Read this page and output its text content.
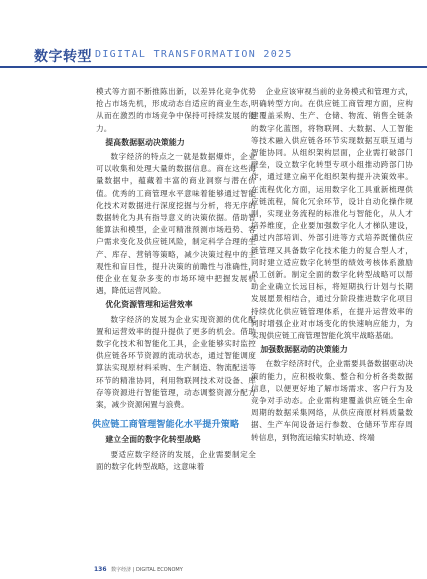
数字转型 DIGITAL TRANSFORMATION 2025

模式等方面不断推陈出新，以差异化竞争优势抢占市场先机，形成动态自适应的商业生态，从而在激烈的市场竞争中保持可持续发展的能力。

提高数据驱动决策能力

数字经济的特点之一就是数据爆炸，企业可以收集和处理大量的数据信息。商在这些海量数据中，蕴藏着丰富的商业洞察与潜在价值。优秀的工商管理水平意味着能够通过智能化技术对数据进行深度挖掘与分析，将无序的数据转化为具有指导意义的决策依据。借助智能算法和模型，企业可精准预测市场趋势、客户需求变化及供应链风险，制定科学合理的生产、库存、营销等策略，减少决策过程中的主观性和盲目性，提升决策的前瞻性与准确性，使企业在复杂多变的市场环境中把握发展机遇，降低运营风险。

优化资源管理和运营效率

数字经济的发展为企业实现资源的优化配置和运营效率的提升提供了更多的机会。借助数字化技术和智能化工具，企业能够实时监控供应链各环节资源的流动状态，通过智能调度算法实现原材料采购、生产制造、物流配送等环节的精准协同，利用物联网技术对设备、库存等资源进行智能管理，动态调整资源分配方案，减少资源闲置与浪费。

供应链工商管理智能化水平提升策略

建立全面的数字化转型战略

要适应数字经济的发展，企业需要制定全面的数字化转型战略，这意味着

企业应该审视当前的业务模式和管理方式，明确转型方向。在供应链工商管理方面，应构建覆盖采购、生产、仓储、物流、销售全链条的数字化蓝图，将物联网、大数据、人工智能等技术融入供应链各环节实现数据互联互通与智能协同。从组织架构层面，企业需打破部门壁垒，设立数字化转型专项小组推动跨部门协作，通过建立扁平化组织架构提升决策效率。在流程优化方面，运用数字化工具重新梳理供应链流程，简化冗余环节，设计自动化操作规则，实现业务流程的标准化与智能化，从人才培养维度，企业要加强数字化人才梯队建设，通过内部培训、外部引进等方式培养既懂供应链管理又具备数字化技术能力的复合型人才，同时建立适应数字化转型的绩效考核体系激励员工创新。制定全面的数字化转型战略可以帮助企业确立长远目标，将短期执行计划与长期发展愿景相结合，通过分阶段推进数字化项目持续优化供应链管理体系，在提升运营效率的同时增强企业对市场变化的快速响应能力，为实现供应链工商管理智能化筑牢战略基础。

加强数据驱动的决策能力

在数字经济时代，企业需要具备数据驱动决策的能力，应积极收集、整合和分析各类数据信息，以便更好地了解市场需求、客户行为及竞争对手动态。企业需构建覆盖供应链全生命周期的数据采集网络，从供应商原材料质量数据、生产车间设备运行参数、仓储环节库存周转信息，到物流运输实时轨迹、终端

136 数字经济 | DIGITAL ECONOMY
